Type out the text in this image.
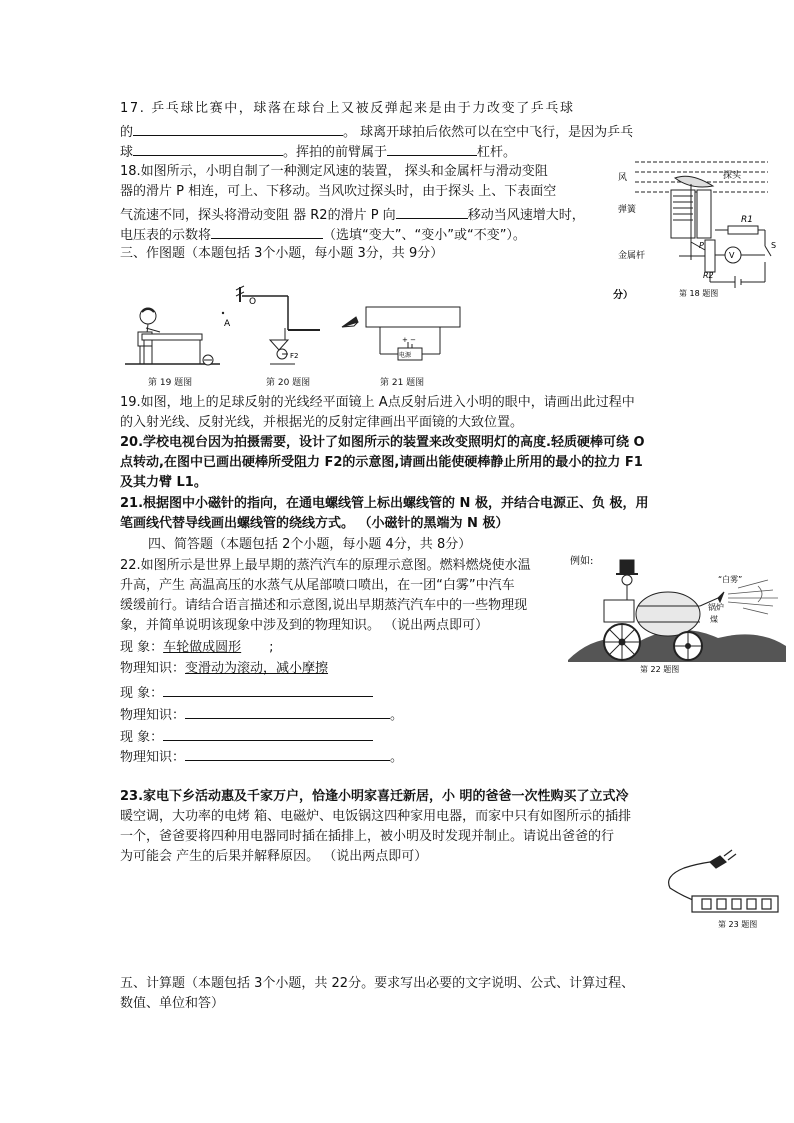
17. 乒乓球比赛中，球落在球台上又被反弹起来是由于力改变了乒乓球
的	。 球离开球拍后依然可以在空中飞行，是因为乒乓
球	。挥拍的前臂属于	杠杆。
18.如图所示，小明自制了一种测定风速的装置， 探头和金属杆与滑动变阻
器的滑片 P 相连，可上、下移动。当风吹过探头时，由于探头 上、下表面空
气流速不同，探头将滑动变阻 器 R2的滑片 P 向	移动当风速增大时，
电压表的示数将	（选填“变大”、“变小”或“不变”）。
风	探头
弹簧
金属杆
R1
R2
P
V
S
分）	第 18 题图
三、作图题（本题包括 3个小题，每小题 3分，共 9分）
A
O
F2	电源
+ −
第 19 题图	第 20 题图	第 21 题图
19.如图，地上的足球反射的光线经平面镜上 A点反射后进入小明的眼中，请画出此过程中
的入射光线、反射光线，并根据光的反射定律画出平面镜的大致位置。
20.学校电视台因为拍摄需要，设计了如图所示的装置来改变照明灯的高度.轻质硬棒可绕 O
点转动,在图中已画出硬棒所受阻力 F2的示意图,请画出能使硬棒静止所用的最小的拉力 F1
及其力臂 L1。
21.根据图中小磁针的指向，在通电螺线管上标出螺线管的 N 极，并结合电源正、负 极，用
笔画线代替导线画出螺线管的绕线方式。 （小磁针的黑端为 N 极）
四、简答题（本题包括 2个小题，每小题 4分，共 8分）
22.如图所示是世界上最早期的蒸汽汽车的原理示意图。燃料燃烧使水温
升高，产生 高温高压的水蒸气从尾部喷口喷出，在一团“白雾”中汽车
缓缓前行。请结合语言描述和示意图,说出早期蒸汽汽车中的一些物理现
象，并简单说明该现象中涉及到的物理知识。 （说出两点即可）
现 象：车轮做成圆形 ;
物理知识：变滑动为滚动，减小摩擦
现 象：
物理知识：	。
现 象：
物理知识：	。
例如:
“白雾”
锅炉
煤
第 22 题图
23.家电下乡活动惠及千家万户，恰逢小明家喜迁新居，小 明的爸爸一次性购买了立式冷
暖空调，大功率的电烤 箱、电磁炉、电饭锅这四种家用电器，而家中只有如图所示的插排
一个，爸爸要将四种用电器同时插在插排上，被小明及时发现并制止。请说出爸爸的行
为可能会 产生的后果并解释原因。 （说出两点即可）
第 23 题图
五、计算题（本题包括 3个小题，共 22分。要求写出必要的文字说明、公式、计算过程、
数值、单位和答）
